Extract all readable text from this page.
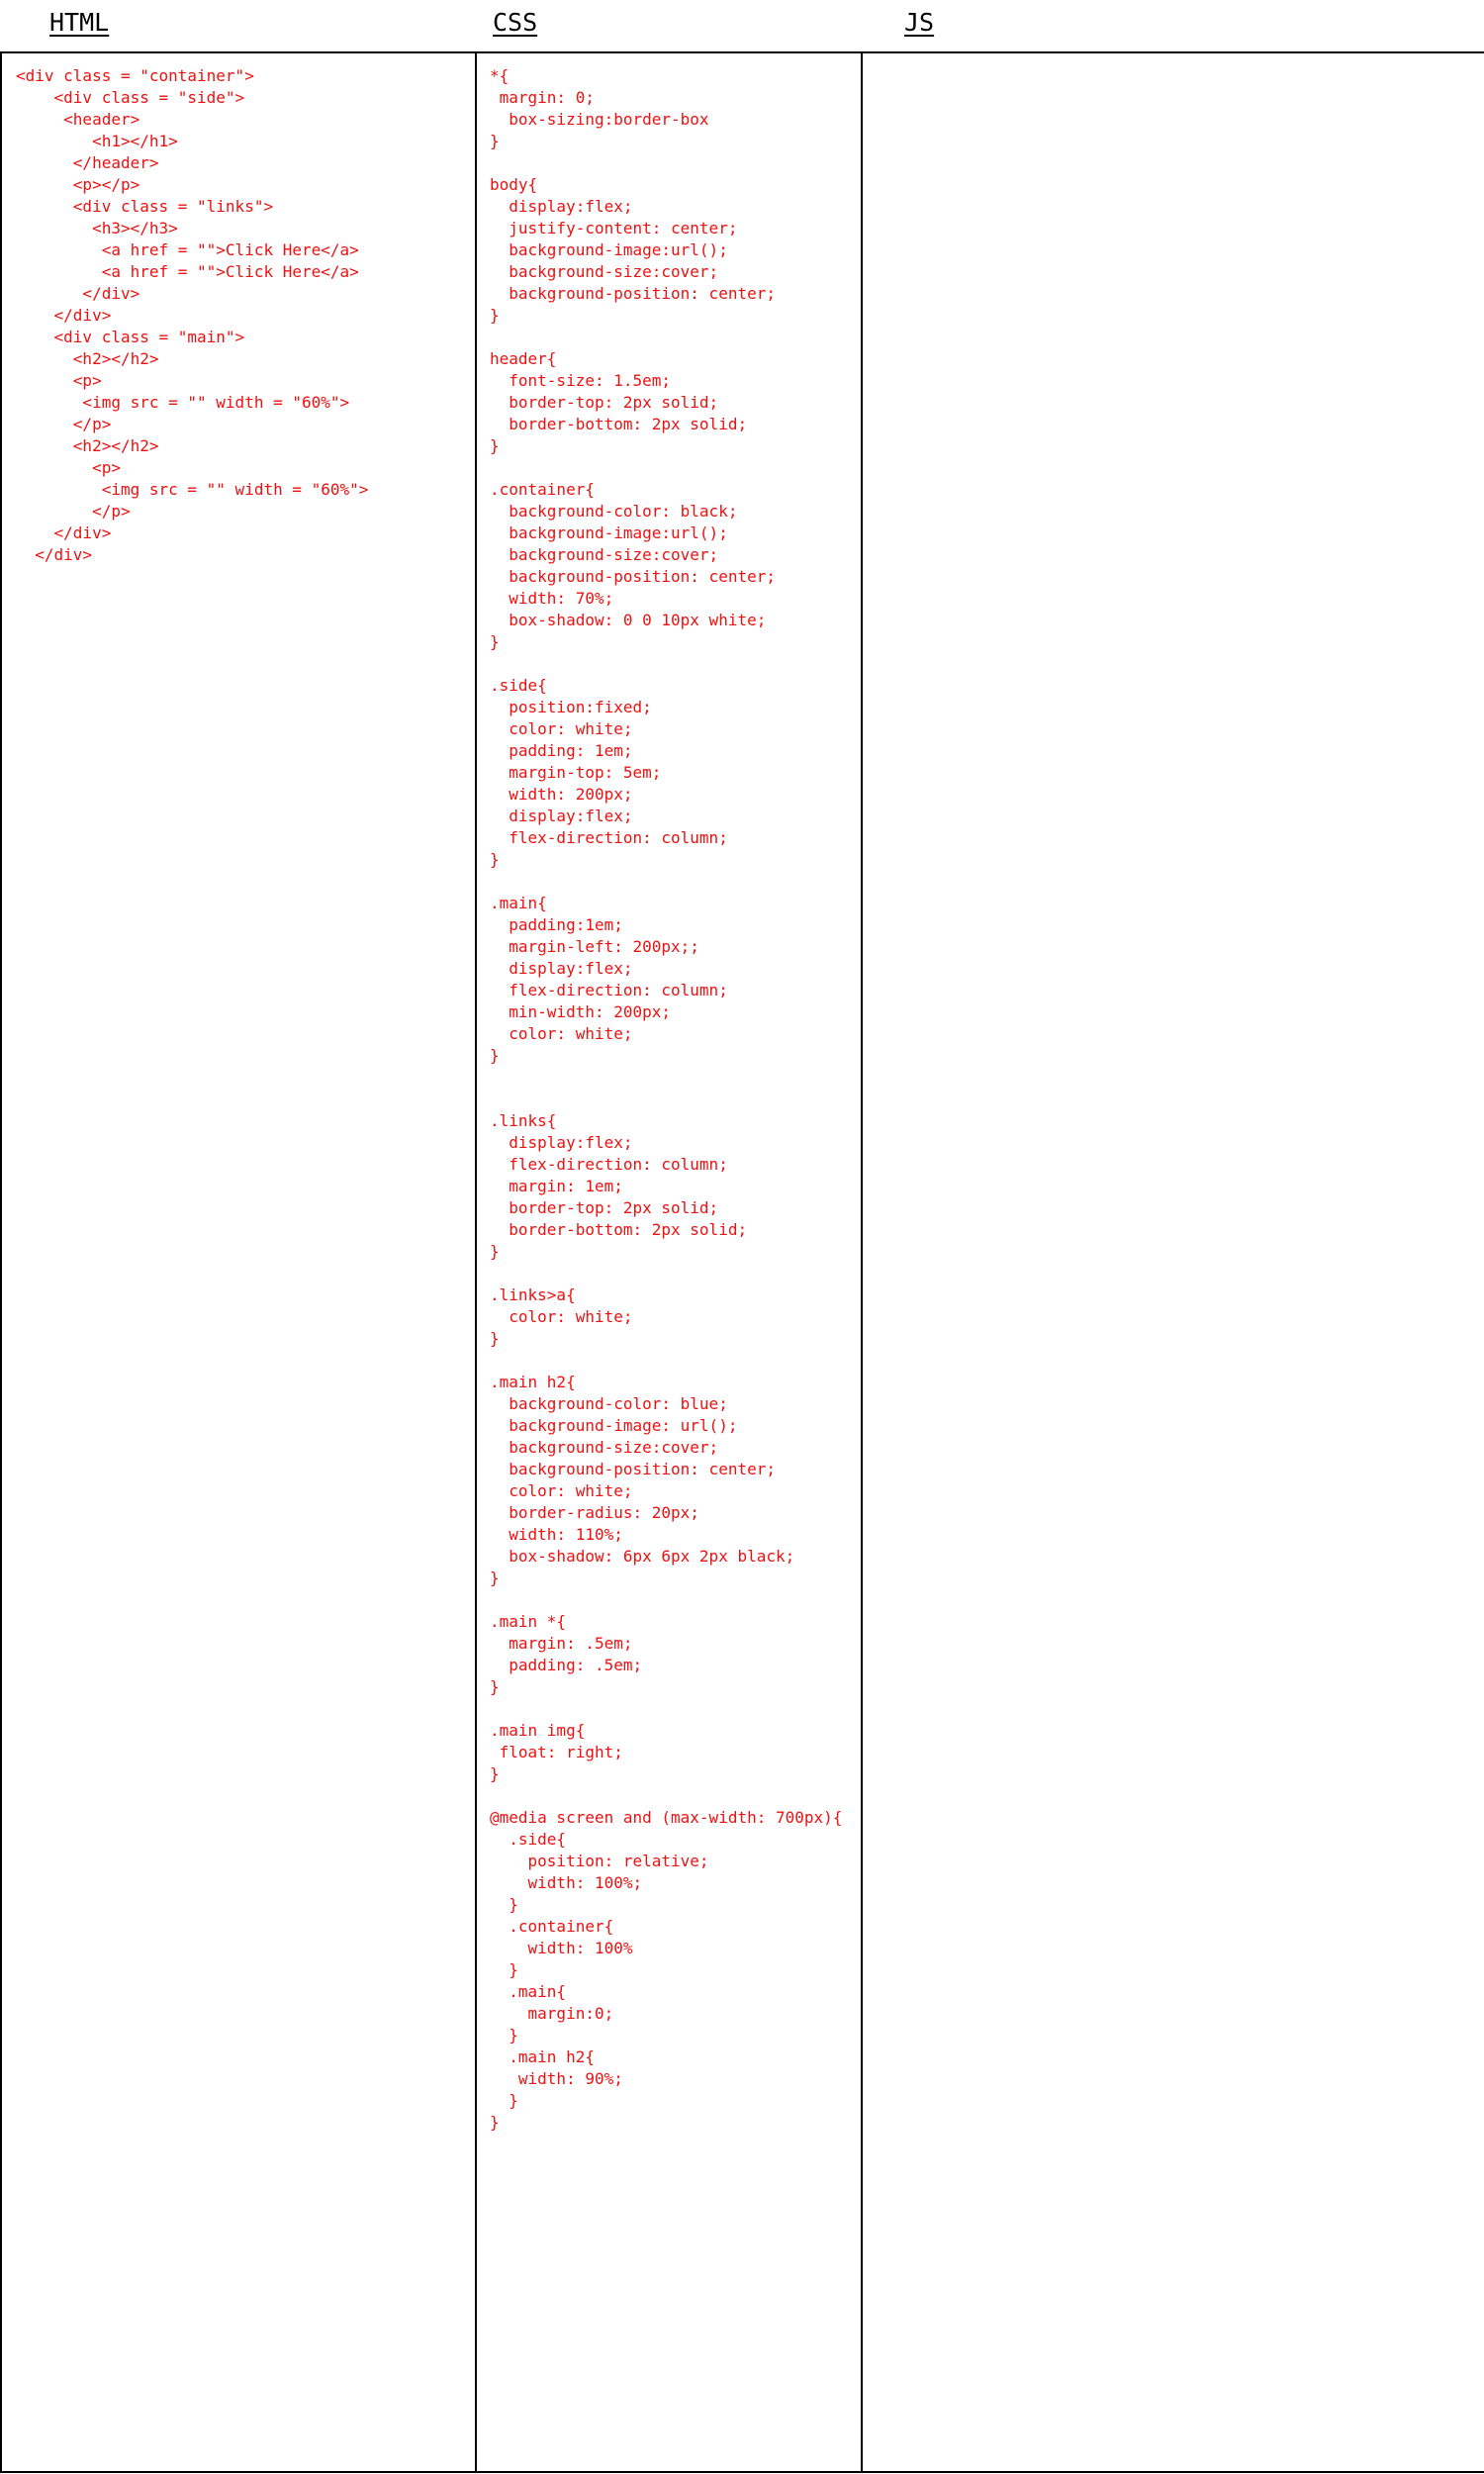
HTML	CSS	JS
<div class = "container">
<div class = "side">
<header>
<h1></h1>
</header>
<p></p>
<div class = "links">
<h3></h3>
<a href = "">Click Here</a>
<a href = "">Click Here</a>
</div>
</div>
<div class = "main">
<h2></h2>
<p>
<img src = "" width = "60%">
</p>
<h2></h2>
<p>
<img src = "" width = "60%">
</p>
</div>
</div>
*{
margin: 0;
box-sizing:border-box
}

body{
display:flex;
justify-content: center;
background-image:url();
background-size:cover;
background-position: center;
}

header{
font-size: 1.5em;
border-top: 2px solid;
border-bottom: 2px solid;
}

.container{
background-color: black;
background-image:url();
background-size:cover;
background-position: center;
width: 70%;
box-shadow: 0 0 10px white;
}

.side{
position:fixed;
color: white;
padding: 1em;
margin-top: 5em;
width: 200px;
display:flex;
flex-direction: column;
}

.main{
padding:1em;
margin-left: 200px;;
display:flex;
flex-direction: column;
min-width: 200px;
color: white;
}

.links{
display:flex;
flex-direction: column;
margin: 1em;
border-top: 2px solid;
border-bottom: 2px solid;
}

.links>a{
color: white;
}

.main h2{
background-color: blue;
background-image: url();
background-size:cover;
background-position: center;
color: white;
border-radius: 20px;
width: 110%;
box-shadow: 6px 6px 2px black;
}

.main *{
margin: .5em;
padding: .5em;
}

.main img{
float: right;
}

@media screen and (max-width: 700px){
.side{
position: relative;
width: 100%;
}
.container{
width: 100%
}
.main{
margin:0;
}
.main h2{
width: 90%;
}
}
